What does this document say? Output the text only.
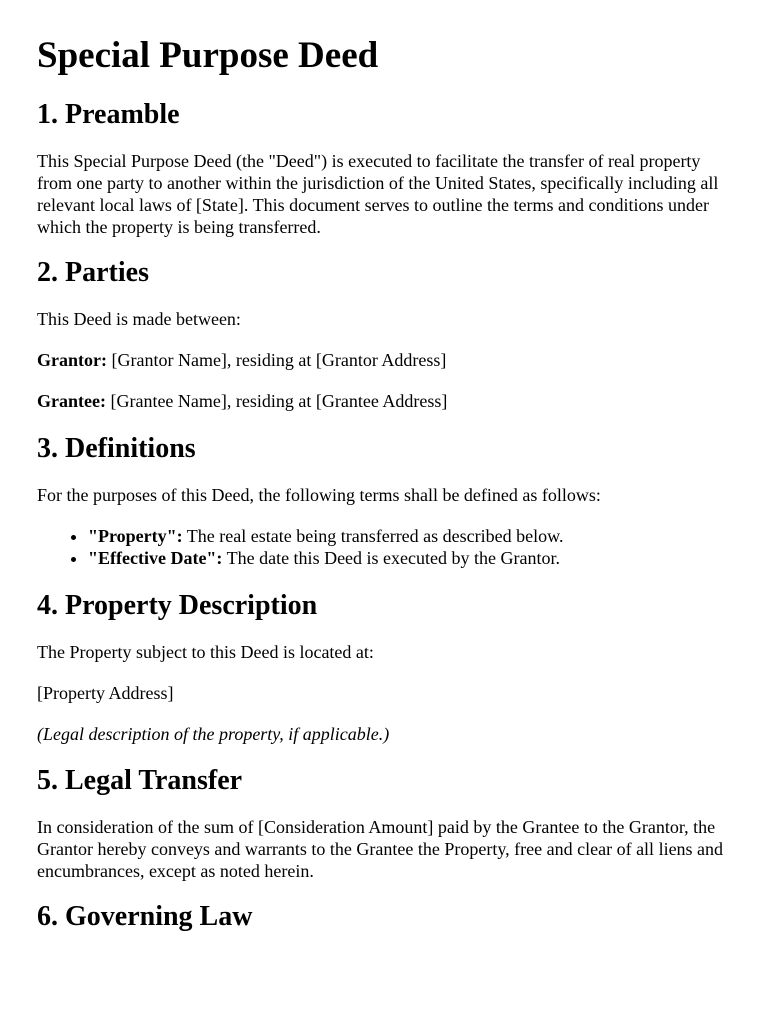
Special Purpose Deed
1. Preamble

This Special Purpose Deed (the "Deed") is executed to facilitate the transfer of real property from one party to another within the jurisdiction of the United States, specifically including all relevant local laws of [State]. This document serves to outline the terms and conditions under which the property is being transferred.

2. Parties

This Deed is made between:

Grantor: [Grantor Name], residing at [Grantor Address]

Grantee: [Grantee Name], residing at [Grantee Address]

3. Definitions

For the purposes of this Deed, the following terms shall be defined as follows:

• "Property": The real estate being transferred as described below.
• "Effective Date": The date this Deed is executed by the Grantor.
4. Property Description

The Property subject to this Deed is located at:

[Property Address]

(Legal description of the property, if applicable.)

5. Legal Transfer

In consideration of the sum of [Consideration Amount] paid by the Grantee to the Grantor, the Grantor hereby conveys and warrants to the Grantee the Property, free and clear of all liens and encumbrances, except as noted herein.

6. Governing Law
